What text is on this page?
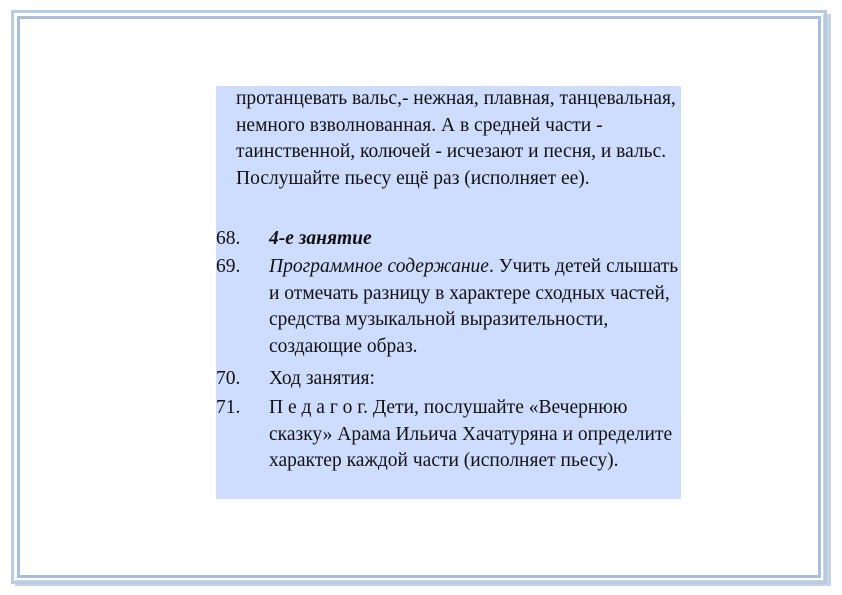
протанцевать вальс,- нежная, плавная, танцевальная, немного взволнованная. А в средней части - таинственной, колючей - исчезают и песня, и вальс. Послушайте пьесу ещё раз (исполняет ее).
68.	4-е занятие
69.	Программное содержание. Учить детей слышать и отмечать разницу в характере сходных частей, средства музыкальной выразительности, создающие образ.
70.	Ход занятия:
71.	П е д а г о г. Дети, послушайте «Вечернюю сказку» Арама Ильича Хачатуряна и определите характер каждой части (исполняет пьесу).
